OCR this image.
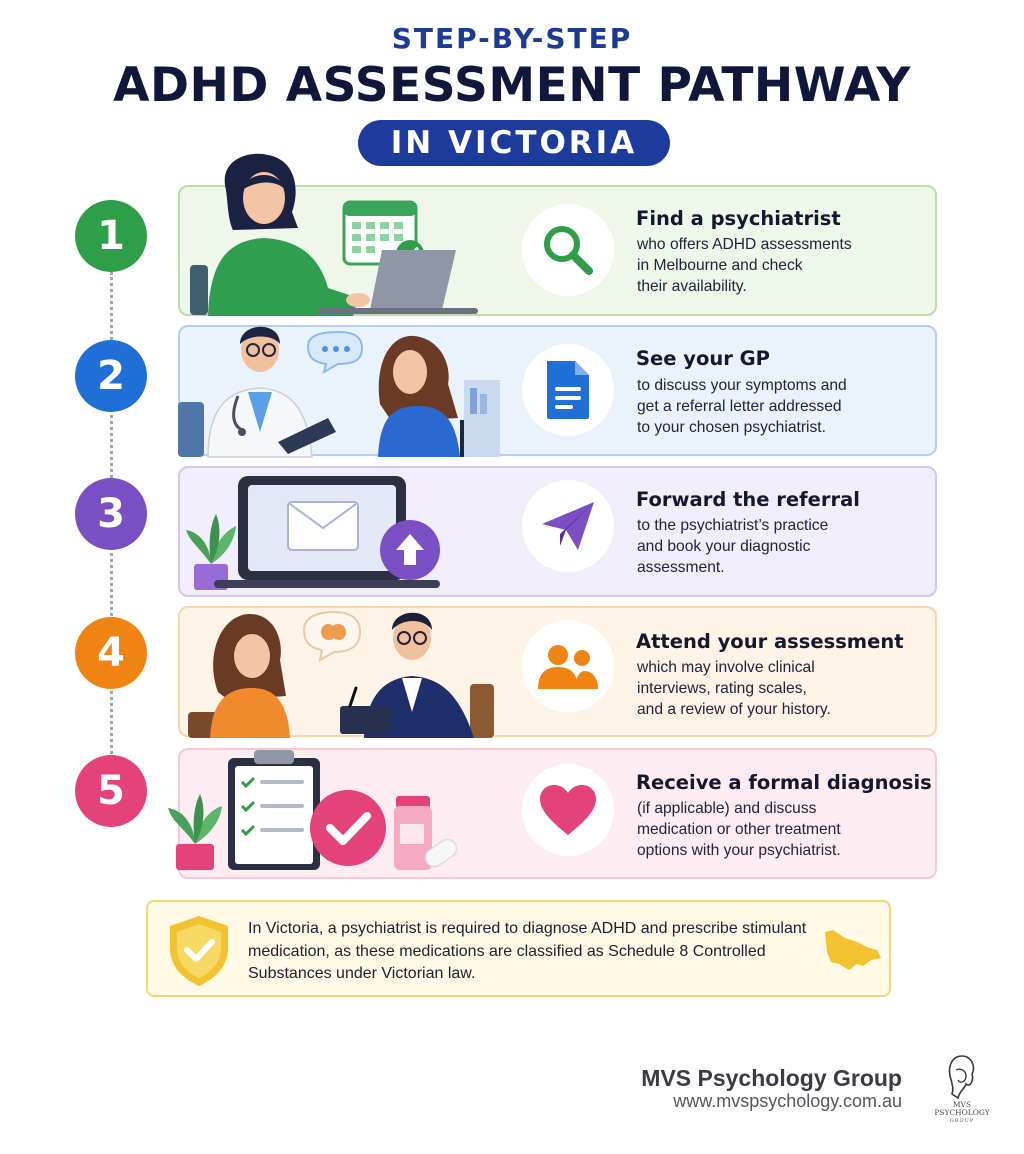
STEP-BY-STEP
ADHD ASSESSMENT PATHWAY
IN VICTORIA
1	Find a psychiatrist
who offers ADHD assessments
in Melbourne and check
their availability.
2	See your GP
to discuss your symptoms and
get a referral letter addressed
to your chosen psychiatrist.
3	Forward the referral
to the psychiatrist’s practice
and book your diagnostic
assessment.
4	Attend your assessment
which may involve clinical
interviews, rating scales,
and a review of your history.
5	Receive a formal diagnosis
(if applicable) and discuss
medication or other treatment
options with your psychiatrist.
In Victoria, a psychiatrist is required to diagnose ADHD and prescribe stimulant medication, as these medications are classified as Schedule 8 Controlled Substances under Victorian law.
MVS Psychology Group
www.mvspsychology.com.au	MVS
PSYCHOLOGY
GROUP
